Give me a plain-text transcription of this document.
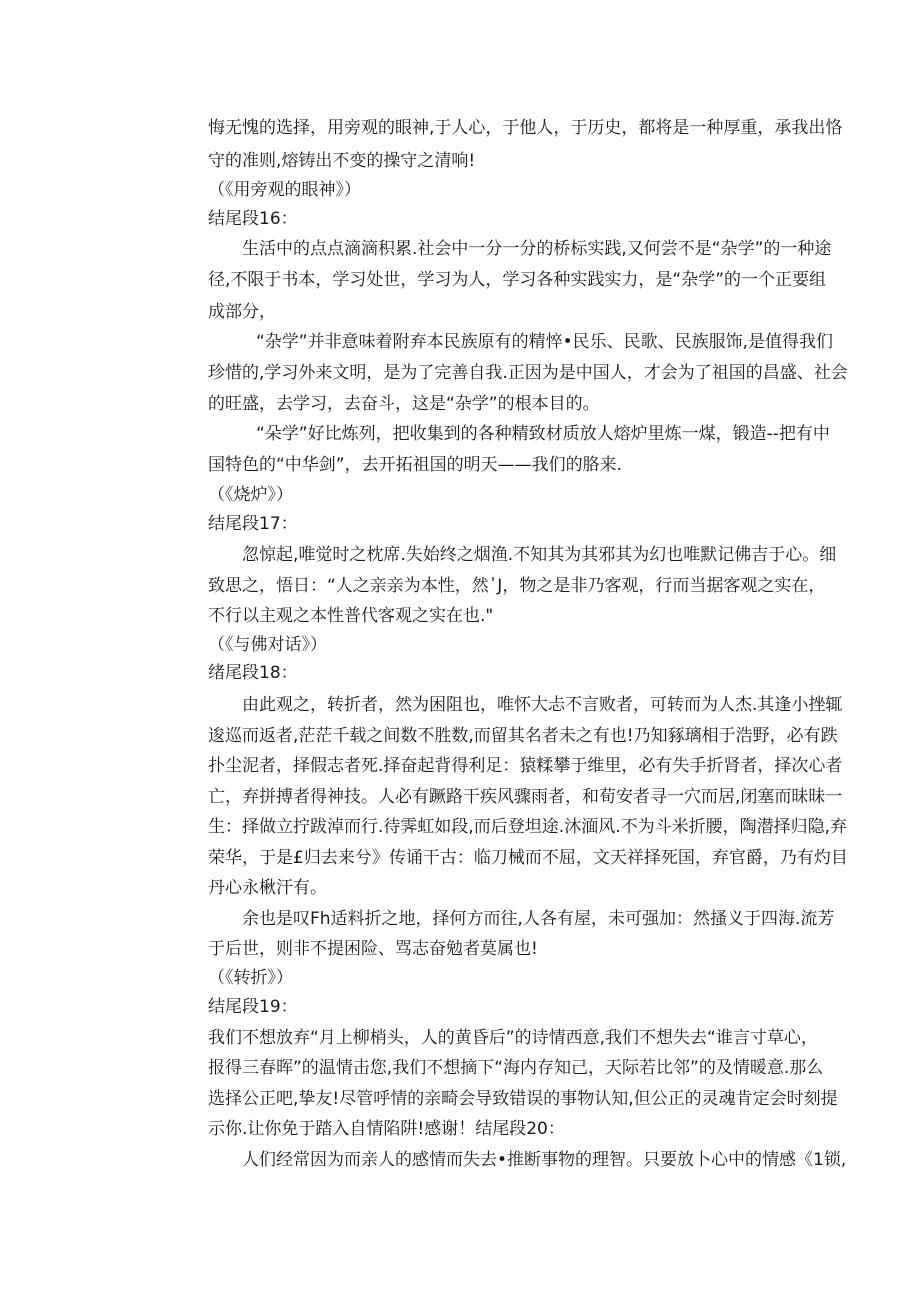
悔无愧的选择，用旁观的眼神,于人心，于他人，于历史，都将是一种厚重，承我出恪
守的准则,熔铸出不变的操守之清响!
（《用旁观的眼神》）
结尾段16：
生活中的点点滴滴积累.社会中一分一分的桥标实践,又何尝不是“杂学”的一种途
径,不限于书本，学习处世，学习为人，学习各种实践实力，是“杂学”的一个正要组
成部分，
“杂学”并非意味着附弃本民族原有的精悴•民乐、民歌、民族服饰,是值得我们
珍惜的,学习外来文明，是为了完善自我.正因为是中国人，才会为了祖国的昌盛、社会
的旺盛，去学习，去奋斗，这是“杂学”的根本目的。
“朵学”好比炼列，把收集到的各种精致材质放人熔炉里炼一煤，锻造--把有中
国特色的“中华剑”，去开拓祖国的明天——我们的胳来.
（《烧炉》）
结尾段17：
忽惊起,唯觉时之枕席.失始终之烟渔.不知其为其邪其为幻也唯默记佛吉于心。细
致思之，悟日：“人之亲亲为本性，然᾽J，物之是非乃客观，行而当据客观之实在，
不行以主观之本性普代客观之实在也."
（《与佛对话》）
绪尾段18：
由此观之，转折者，然为困阻也，唯怀大忐不言败者，可转而为人杰.其逢小挫辄
逡巡而返者,茫茫千载之间数不胜数,而留其名者未之有也!乃知豩璃相于浩野，必有跌
扑尘泥者，择假志者死.择奋起背得利足：猿糅攀于维里，必有失手折肾者，择次心者
亡，弃拼搏者得神技。人必有蹶路干疾风骤雨者，和荀安者寻一穴而居,闭塞而昧昧一
生：择做立拧跋淖而行.待霁虹如段,而后登坦途.沐湎风.不为斗米折腰，陶潜择归隐,弃
荣华，于是£归去来兮》传诵干古：临刀械而不屈，文天祥择死国，弃官爵，乃有灼目
丹心永楸汗有。
余也是叹Fh适料折之地，择何方而往,人各有屋，未可强加：然搔义于四海.流芳
于后世，则非不提困险、骂志奋勉者莫属也!
（《转折》）
结尾段19：
我们不想放弃“月上柳梢头，人的黄昏后”的诗情西意,我们不想失去“谁言寸草心，
报得三春晖”的温情击您,我们不想摘下“海内存知己，天际若比邻”的及情暖意.那么
选择公正吧,挚友!尽管呼情的亲畸会导致错误的事物认知,但公正的灵魂肯定会时刻提
示你.让你免于踏入自情陷阱!感谢！结尾段20：
人们经常因为而亲人的感情而失去•推断事物的理智。只要放卜心中的情感《1锁,
